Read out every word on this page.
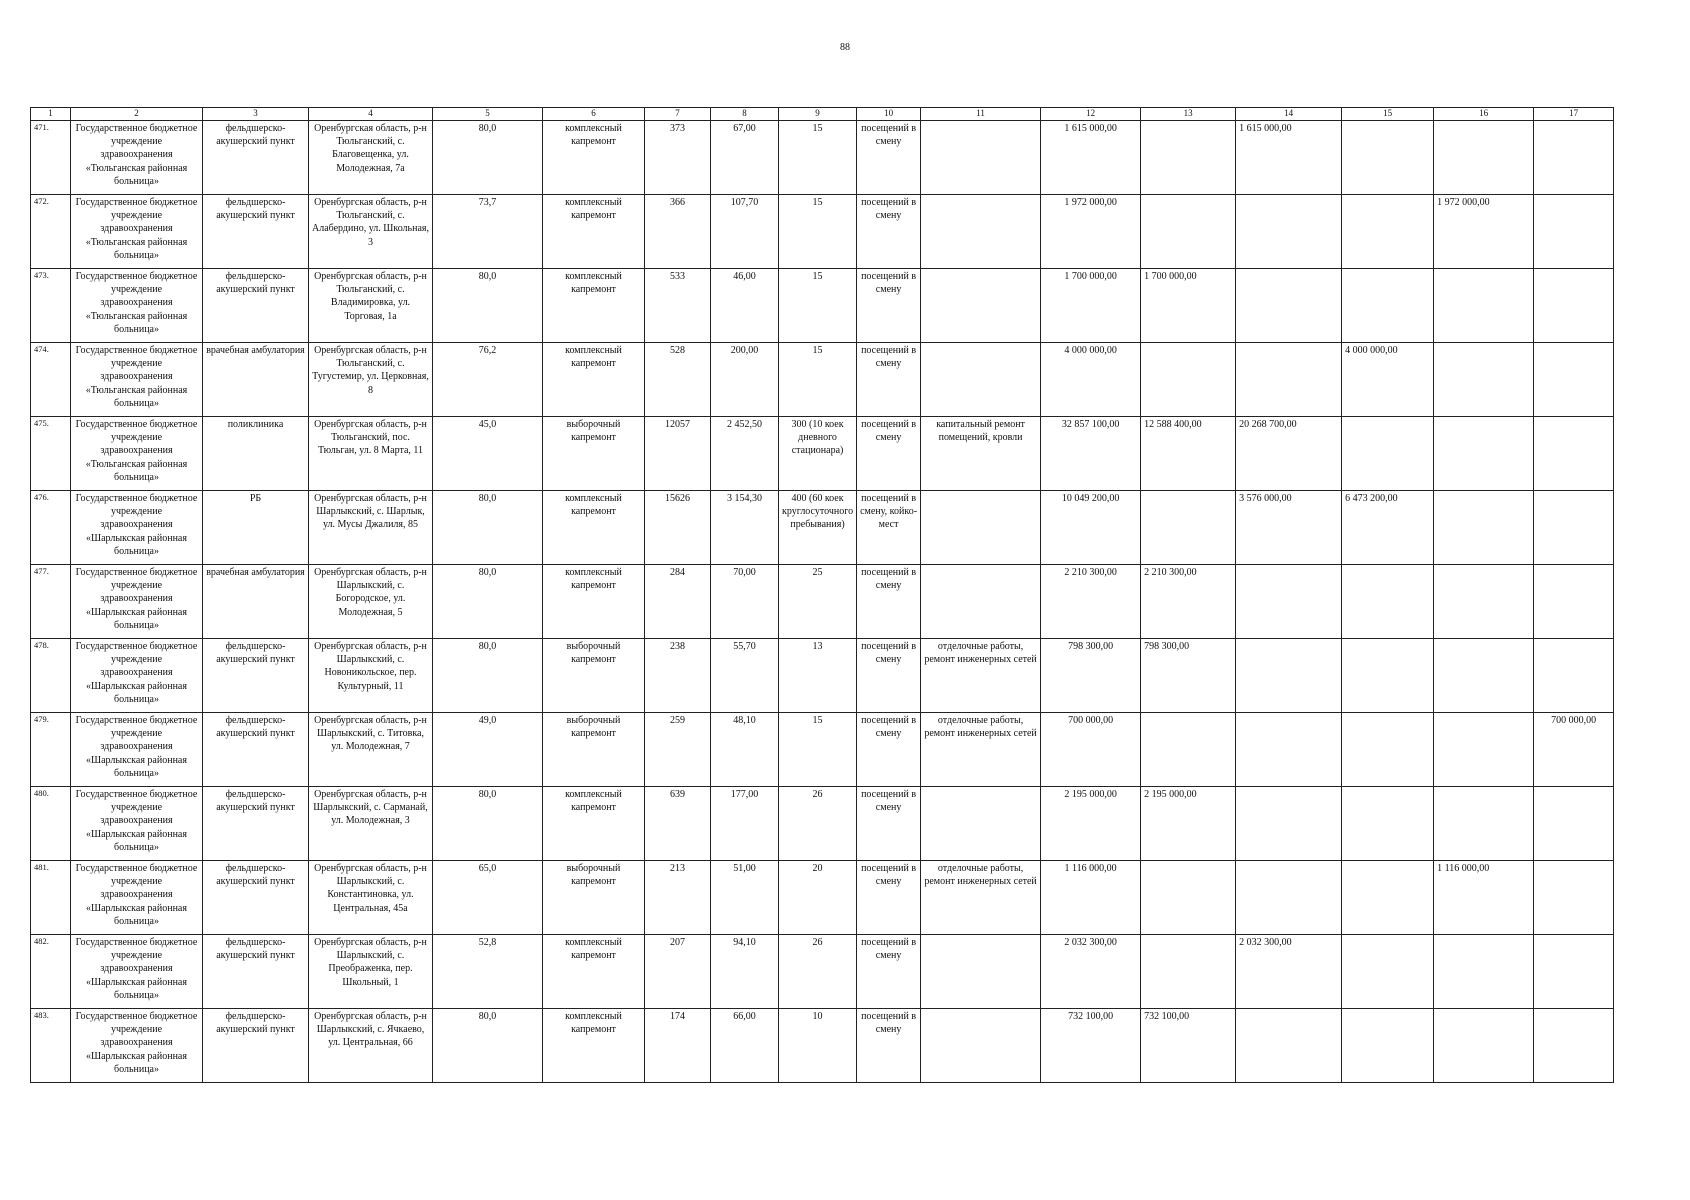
88
1	2	3	4	5	6	7	8	9	10	11	12	13	14	15	16	17
471.	Государственное бюджетное учреждение здравоохранения «Тюльганская районная больница»	фельдшерско-акушерский пункт	Оренбургская область, р-н Тюльганский, с. Благовещенка, ул. Молодежная, 7а	80,0	комплексный капремонт	373	67,00	15	посещений в смену		1 615 000,00		1 615 000,00			
472.	Государственное бюджетное учреждение здравоохранения «Тюльганская районная больница»	фельдшерско-акушерский пункт	Оренбургская область, р-н Тюльганский, с. Алабердино, ул. Школьная, 3	73,7	комплексный капремонт	366	107,70	15	посещений в смену		1 972 000,00				1 972 000,00	
473.	Государственное бюджетное учреждение здравоохранения «Тюльганская районная больница»	фельдшерско-акушерский пункт	Оренбургская область, р-н Тюльганский, с. Владимировка, ул. Торговая, 1а	80,0	комплексный капремонт	533	46,00	15	посещений в смену		1 700 000,00	1 700 000,00				
474.	Государственное бюджетное учреждение здравоохранения «Тюльганская районная больница»	врачебная амбулатория	Оренбургская область, р-н Тюльганский, с. Тугустемир, ул. Церковная, 8	76,2	комплексный капремонт	528	200,00	15	посещений в смену		4 000 000,00			4 000 000,00		
475.	Государственное бюджетное учреждение здравоохранения «Тюльганская районная больница»	поликлиника	Оренбургская область, р-н Тюльганский, пос. Тюльган, ул. 8 Марта, 11	45,0	выборочный капремонт	12057	2 452,50	300 (10 коек дневного стационара)	посещений в смену	капитальный ремонт помещений, кровли	32 857 100,00	12 588 400,00	20 268 700,00			
476.	Государственное бюджетное учреждение здравоохранения «Шарлыкская районная больница»	РБ	Оренбургская область, р-н Шарлыкский, с. Шарлык, ул. Мусы Джалиля, 85	80,0	комплексный капремонт	15626	3 154,30	400 (60 коек круглосуточного пребывания)	посещений в смену, койко-мест		10 049 200,00		3 576 000,00	6 473 200,00		
477.	Государственное бюджетное учреждение здравоохранения «Шарлыкская районная больница»	врачебная амбулатория	Оренбургская область, р-н Шарлыкский, с. Богородское, ул. Молодежная, 5	80,0	комплексный капремонт	284	70,00	25	посещений в смену		2 210 300,00	2 210 300,00				
478.	Государственное бюджетное учреждение здравоохранения «Шарлыкская районная больница»	фельдшерско-акушерский пункт	Оренбургская область, р-н Шарлыкский, с. Новоникольское, пер. Культурный, 11	80,0	выборочный капремонт	238	55,70	13	посещений в смену	отделочные работы, ремонт инженерных сетей	798 300,00	798 300,00				
479.	Государственное бюджетное учреждение здравоохранения «Шарлыкская районная больница»	фельдшерско-акушерский пункт	Оренбургская область, р-н Шарлыкский, с. Титовка, ул. Молодежная, 7	49,0	выборочный капремонт	259	48,10	15	посещений в смену	отделочные работы, ремонт инженерных сетей	700 000,00					700 000,00
480.	Государственное бюджетное учреждение здравоохранения «Шарлыкская районная больница»	фельдшерско-акушерский пункт	Оренбургская область, р-н Шарлыкский, с. Сарманай, ул. Молодежная, 3	80,0	комплексный капремонт	639	177,00	26	посещений в смену		2 195 000,00	2 195 000,00				
481.	Государственное бюджетное учреждение здравоохранения «Шарлыкская районная больница»	фельдшерско-акушерский пункт	Оренбургская область, р-н Шарлыкский, с. Константиновка, ул. Центральная, 45а	65,0	выборочный капремонт	213	51,00	20	посещений в смену	отделочные работы, ремонт инженерных сетей	1 116 000,00				1 116 000,00	
482.	Государственное бюджетное учреждение здравоохранения «Шарлыкская районная больница»	фельдшерско-акушерский пункт	Оренбургская область, р-н Шарлыкский, с. Преображенка, пер. Школьный, 1	52,8	комплексный капремонт	207	94,10	26	посещений в смену		2 032 300,00		2 032 300,00			
483.	Государственное бюджетное учреждение здравоохранения «Шарлыкская районная больница»	фельдшерско-акушерский пункт	Оренбургская область, р-н Шарлыкский, с. Ячкаево, ул. Центральная, 66	80,0	комплексный капремонт	174	66,00	10	посещений в смену		732 100,00	732 100,00				
